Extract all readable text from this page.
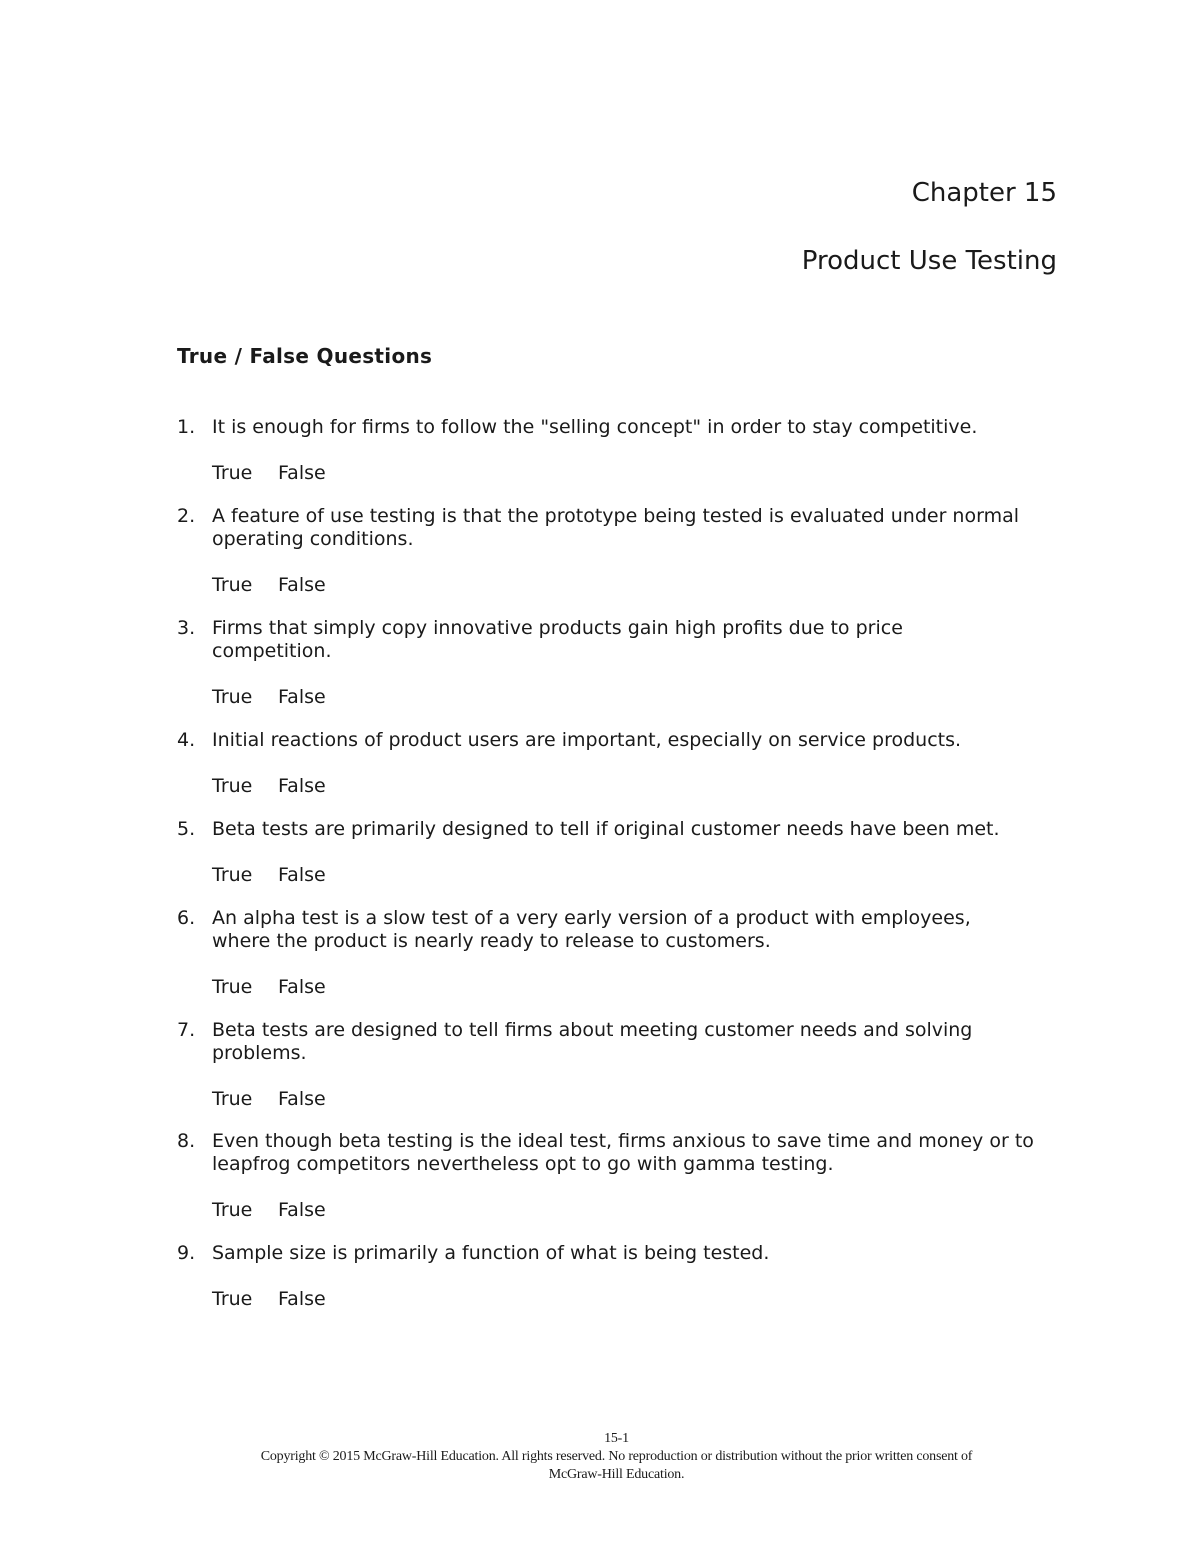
Chapter 15
Product Use Testing
True / False Questions
1. It is enough for firms to follow the "selling concept" in order to stay competitive.
True False
2. A feature of use testing is that the prototype being tested is evaluated under normal operating conditions.
True False
3. Firms that simply copy innovative products gain high profits due to price competition.
True False
4. Initial reactions of product users are important, especially on service products.
True False
5. Beta tests are primarily designed to tell if original customer needs have been met.
True False
6. An alpha test is a slow test of a very early version of a product with employees, where the product is nearly ready to release to customers.
True False
7. Beta tests are designed to tell firms about meeting customer needs and solving problems.
True False
8. Even though beta testing is the ideal test, firms anxious to save time and money or to leapfrog competitors nevertheless opt to go with gamma testing.
True False
9. Sample size is primarily a function of what is being tested.
True False
15-1
Copyright © 2015 McGraw-Hill Education. All rights reserved. No reproduction or distribution without the prior written consent of
McGraw-Hill Education.
